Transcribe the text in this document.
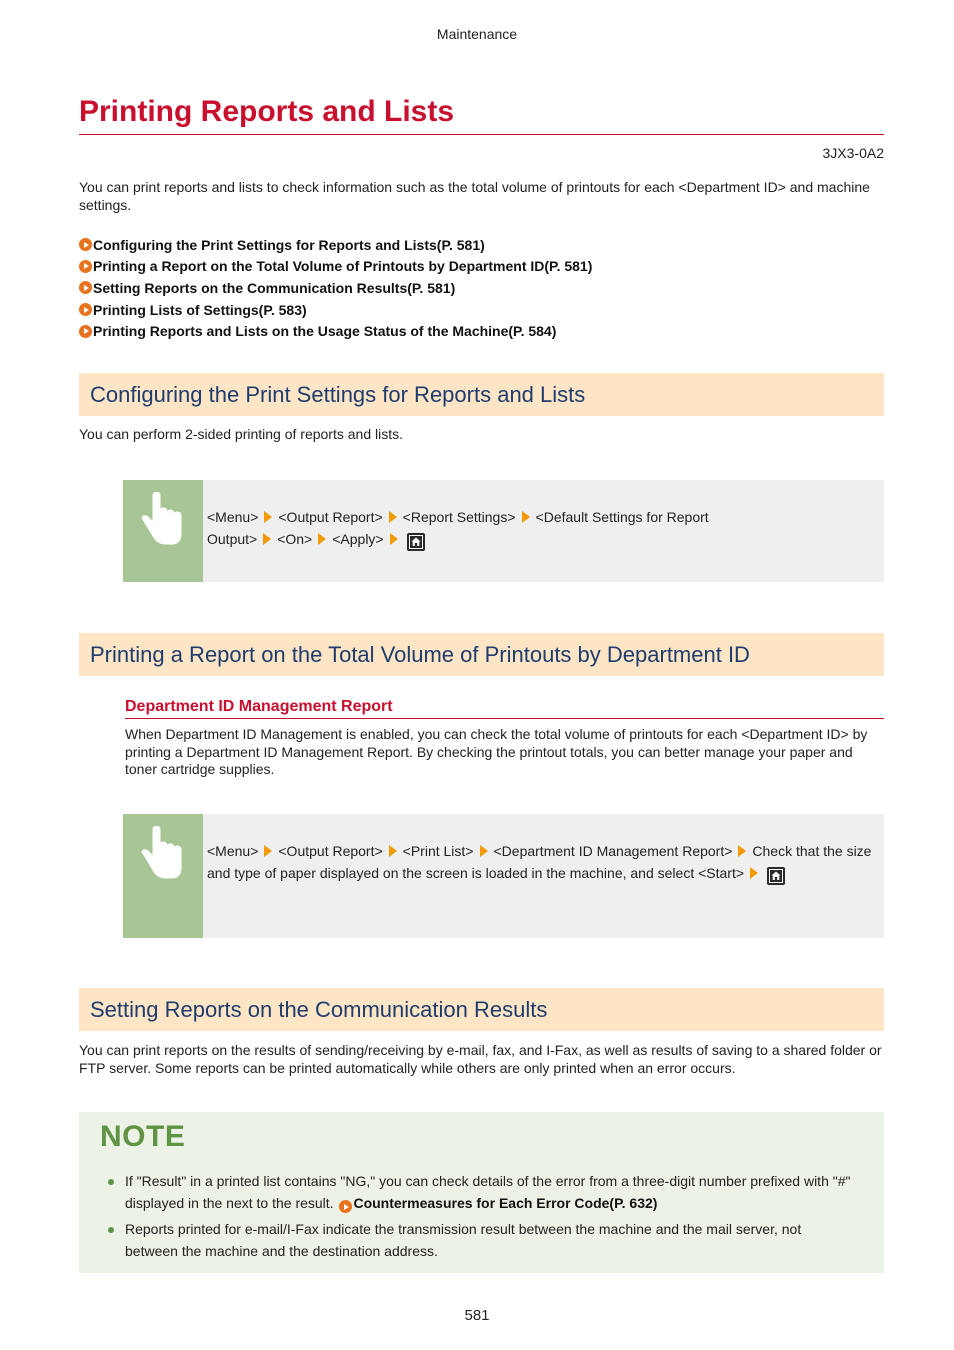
Maintenance
Printing Reports and Lists
3JX3-0A2

You can print reports and lists to check information such as the total volume of printouts for each <Department ID> and machine settings.

Configuring the Print Settings for Reports and Lists(P. 581)
Printing a Report on the Total Volume of Printouts by Department ID(P. 581)
Setting Reports on the Communication Results(P. 581)
Printing Lists of Settings(P. 583)
Printing Reports and Lists on the Usage Status of the Machine(P. 584)
Configuring the Print Settings for Reports and Lists

You can perform 2-sided printing of reports and lists.

<Menu> <Output Report> <Report Settings> <Default Settings for Report
Output> <On> <Apply>
Printing a Report on the Total Volume of Printouts by Department ID
Department ID Management Report

When Department ID Management is enabled, you can check the total volume of printouts for each <Department ID> by printing a Department ID Management Report. By checking the printout totals, you can better manage your paper and toner cartridge supplies.

<Menu> <Output Report> <Print List> <Department ID Management Report> Check that the size and type of paper displayed on the screen is loaded in the machine, and select <Start>
Setting Reports on the Communication Results

You can print reports on the results of sending/receiving by e-mail, fax, and I-Fax, as well as results of saving to a shared folder or FTP server. Some reports can be printed automatically while others are only printed when an error occurs.

NOTE
If "Result" in a printed list contains "NG," you can check details of the error from a three-digit number prefixed with "#" displayed in the next to the result. Countermeasures for Each Error Code(P. 632)
Reports printed for e-mail/I-Fax indicate the transmission result between the machine and the mail server, not between the machine and the destination address.
581
